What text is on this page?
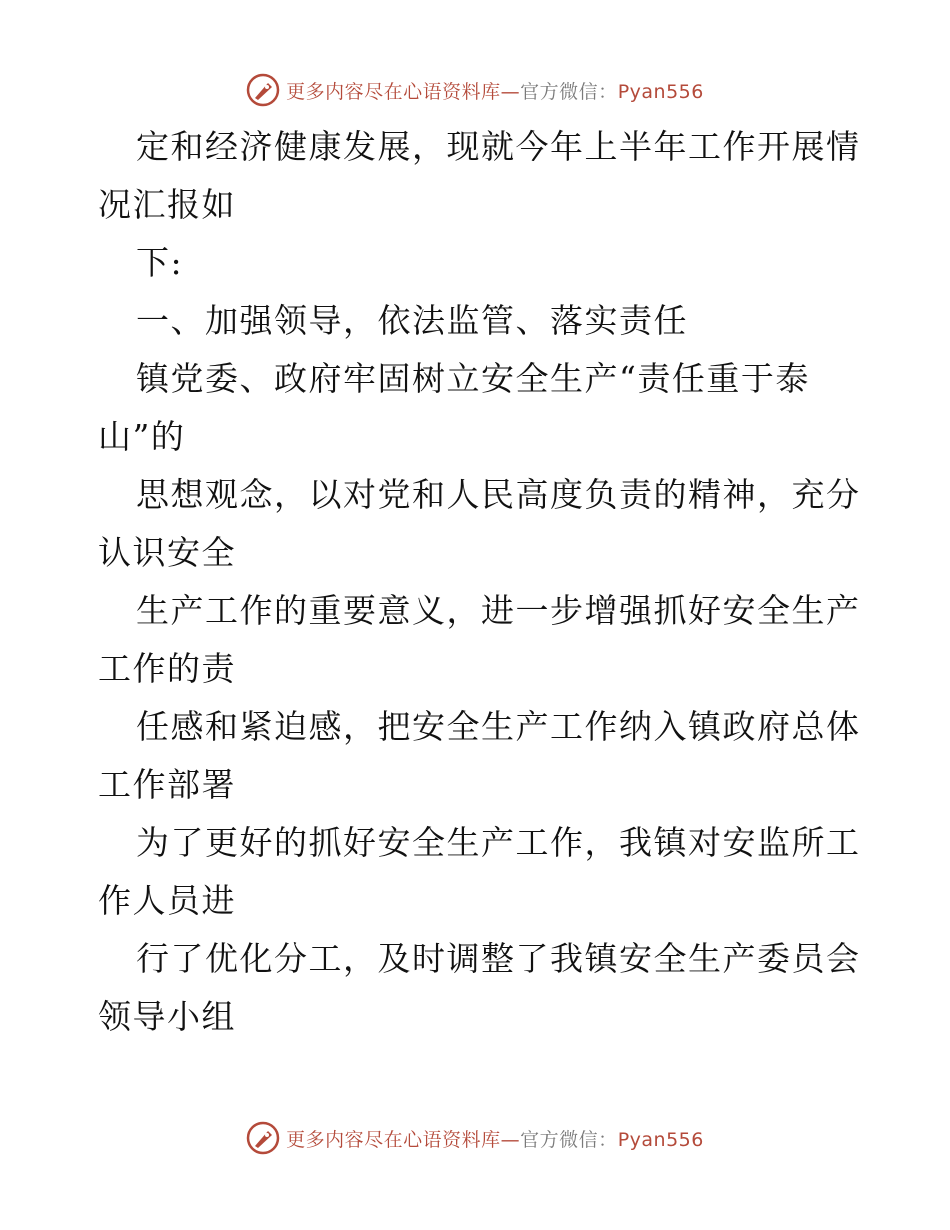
更多内容尽在心语资料库—官方微信：Pyan556
定和经济健康发展，现就今年上半年工作开展情
况汇报如
下:
一、加强领导，依法监管、落实责任
镇党委、政府牢固树立安全生产“责任重于泰
山”的
思想观念，以对党和人民高度负责的精神，充分
认识安全
生产工作的重要意义，进一步增强抓好安全生产
工作的责
任感和紧迫感，把安全生产工作纳入镇政府总体
工作部署
为了更好的抓好安全生产工作，我镇对安监所工
作人员进
行了优化分工，及时调整了我镇安全生产委员会
领导小组
更多内容尽在心语资料库—官方微信：Pyan556
